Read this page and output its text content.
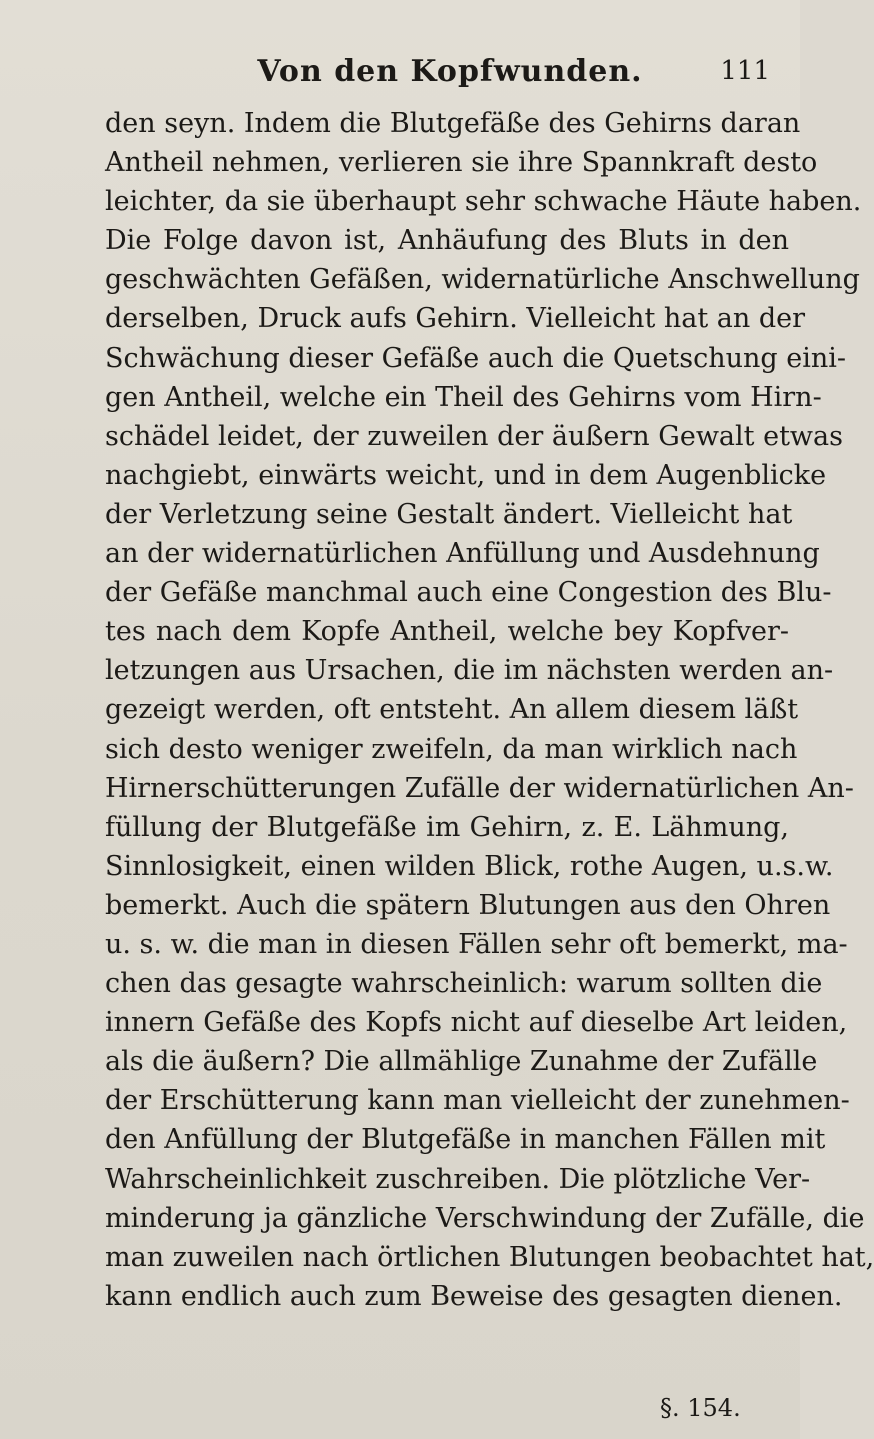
Von den Kopfwunden.	111
den seyn. Indem die Blutgefäße des Gehirns daran
Antheil nehmen, verlieren sie ihre Spannkraft desto
leichter, da sie überhaupt sehr schwache Häute haben.
Die Folge davon ist, Anhäufung des Bluts in den
geschwächten Gefäßen, widernatürliche Anschwellung
derselben, Druck aufs Gehirn. Vielleicht hat an der
Schwächung dieser Gefäße auch die Quetschung eini-
gen Antheil, welche ein Theil des Gehirns vom Hirn-
schädel leidet, der zuweilen der äußern Gewalt etwas
nachgiebt, einwärts weicht, und in dem Augenblicke
der Verletzung seine Gestalt ändert. Vielleicht hat
an der widernatürlichen Anfüllung und Ausdehnung
der Gefäße manchmal auch eine Congestion des Blu-
tes nach dem Kopfe Antheil, welche bey Kopfver-
letzungen aus Ursachen, die im nächsten werden an-
gezeigt werden, oft entsteht. An allem diesem läßt
sich desto weniger zweifeln, da man wirklich nach
Hirnerschütterungen Zufälle der widernatürlichen An-
füllung der Blutgefäße im Gehirn, z. E. Lähmung,
Sinnlosigkeit, einen wilden Blick, rothe Augen, u.s.w.
bemerkt. Auch die spätern Blutungen aus den Ohren
u. s. w. die man in diesen Fällen sehr oft bemerkt, ma-
chen das gesagte wahrscheinlich: warum sollten die
innern Gefäße des Kopfs nicht auf dieselbe Art leiden,
als die äußern? Die allmählige Zunahme der Zufälle
der Erschütterung kann man vielleicht der zunehmen-
den Anfüllung der Blutgefäße in manchen Fällen mit
Wahrscheinlichkeit zuschreiben. Die plötzliche Ver-
minderung ja gänzliche Verschwindung der Zufälle, die
man zuweilen nach örtlichen Blutungen beobachtet hat,
kann endlich auch zum Beweise des gesagten dienen.
§. 154.
